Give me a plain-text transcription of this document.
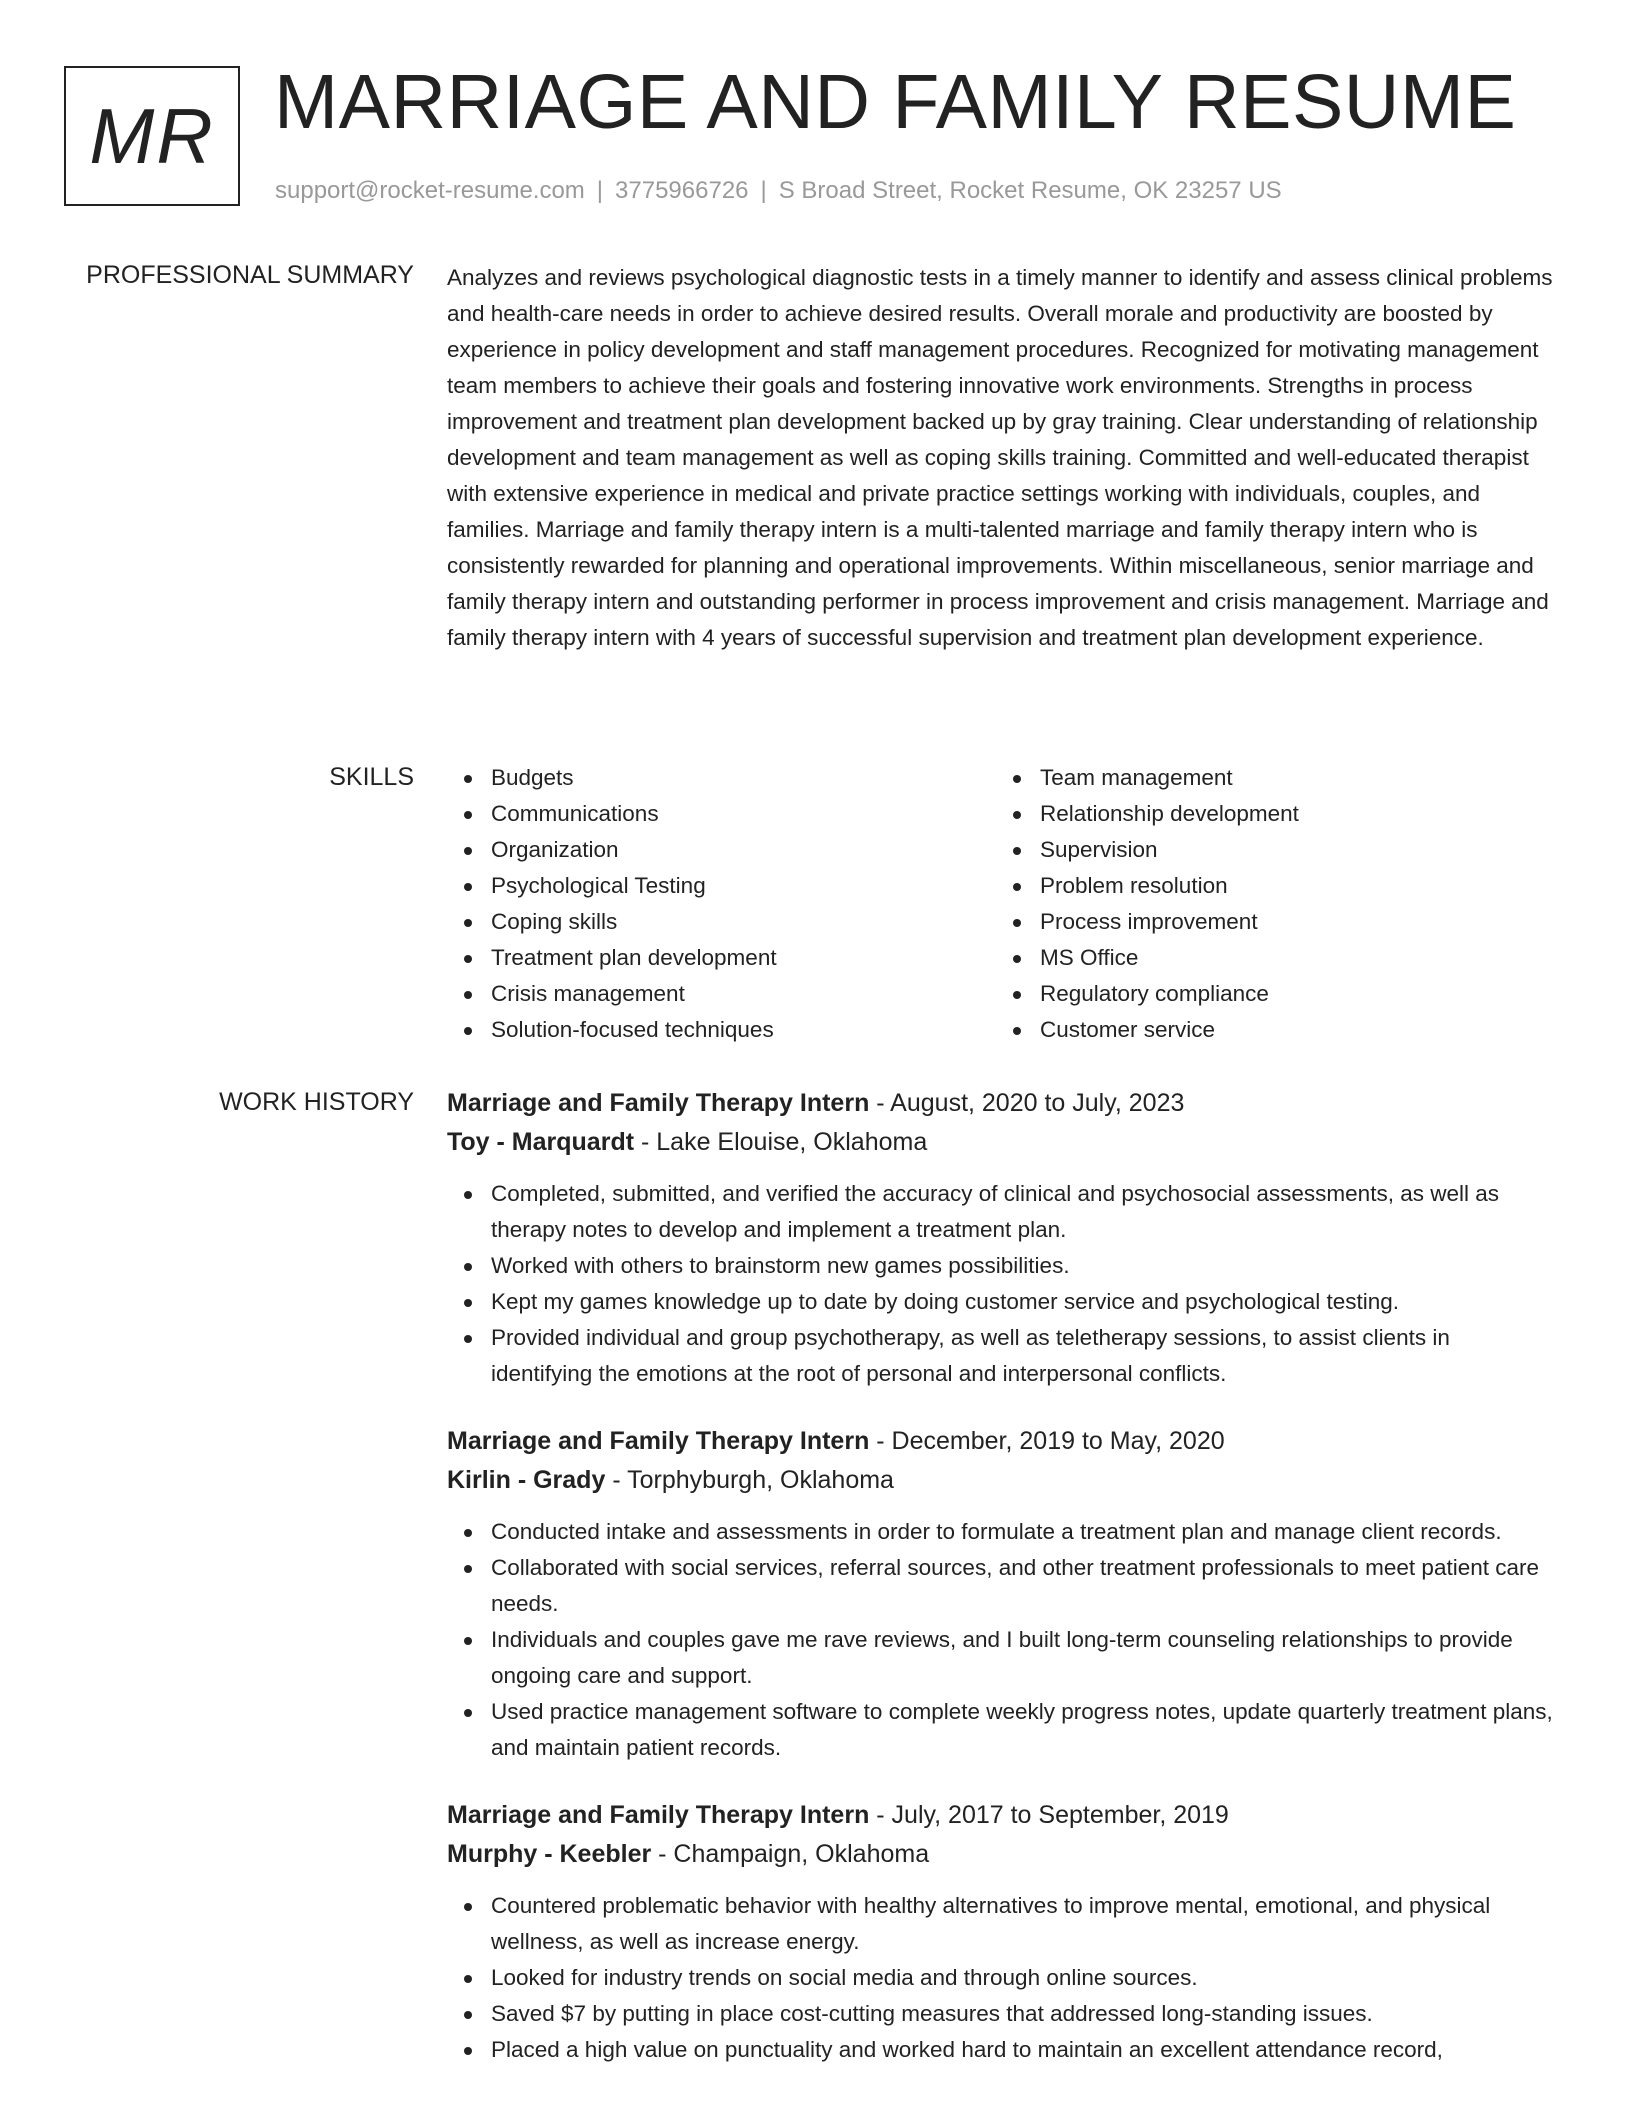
MR MARRIAGE AND FAMILY RESUME
support@rocket-resume.com | 3775966726 | S Broad Street, Rocket Resume, OK 23257 US
PROFESSIONAL SUMMARY Analyzes and reviews psychological diagnostic tests in a timely manner to identify and assess clinical problems and health-care needs in order to achieve desired results. Overall morale and productivity are boosted by experience in policy development and staff management procedures. Recognized for motivating management team members to achieve their goals and fostering innovative work environments. Strengths in process improvement and treatment plan development backed up by gray training. Clear understanding of relationship development and team management as well as coping skills training. Committed and well-educated therapist with extensive experience in medical and private practice settings working with individuals, couples, and families. Marriage and family therapy intern is a multi-talented marriage and family therapy intern who is consistently rewarded for planning and operational improvements. Within miscellaneous, senior marriage and family therapy intern and outstanding performer in process improvement and crisis management. Marriage and family therapy intern with 4 years of successful supervision and treatment plan development experience.

SKILLS	Budgets
Communications
Organization
Psychological Testing
Coping skills
Treatment plan development
Crisis management
Solution-focused techniques
Team management
Relationship development
Supervision
Problem resolution
Process improvement
MS Office
Regulatory compliance
Customer service
WORK HISTORY Marriage and Family Therapy Intern - August, 2020 to July, 2023
Toy - Marquardt - Lake Elouise, Oklahoma
Completed, submitted, and verified the accuracy of clinical and psychosocial assessments, as well as therapy notes to develop and implement a treatment plan.
Worked with others to brainstorm new games possibilities.
Kept my games knowledge up to date by doing customer service and psychological testing.
Provided individual and group psychotherapy, as well as teletherapy sessions, to assist clients in identifying the emotions at the root of personal and interpersonal conflicts.
Marriage and Family Therapy Intern - December, 2019 to May, 2020
Kirlin - Grady - Torphyburgh, Oklahoma
Conducted intake and assessments in order to formulate a treatment plan and manage client records.
Collaborated with social services, referral sources, and other treatment professionals to meet patient care needs.
Individuals and couples gave me rave reviews, and I built long-term counseling relationships to provide ongoing care and support.
Used practice management software to complete weekly progress notes, update quarterly treatment plans, and maintain patient records.
Marriage and Family Therapy Intern - July, 2017 to September, 2019
Murphy - Keebler - Champaign, Oklahoma
Countered problematic behavior with healthy alternatives to improve mental, emotional, and physical wellness, as well as increase energy.
Looked for industry trends on social media and through online sources.
Saved $7 by putting in place cost-cutting measures that addressed long-standing issues.
Placed a high value on punctuality and worked hard to maintain an excellent attendance record,
